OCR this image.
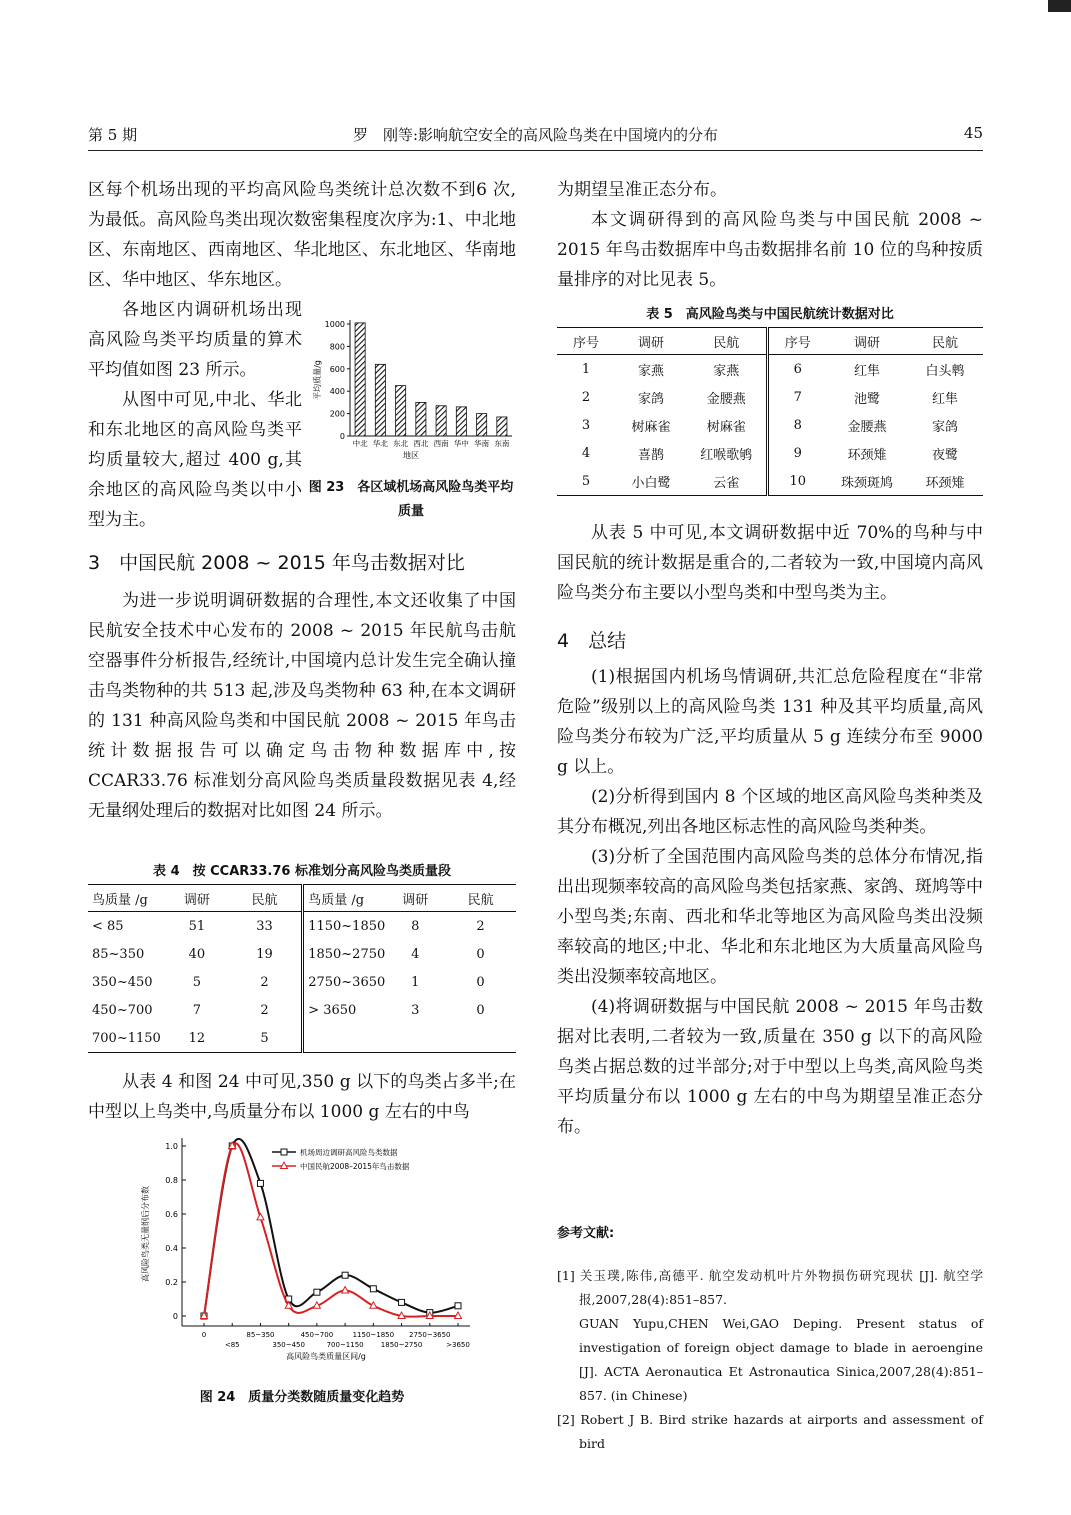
第 5 期	罗　刚等:影响航空安全的高风险鸟类在中国境内的分布	45

区每个机场出现的平均高风险鸟类统计总次数不到6 次,为最低。高风险鸟类出现次数密集程度次序为:1、中北地区、东南地区、西南地区、华北地区、东北地区、华南地区、华中地区、华东地区。

各地区内调研机场出现高风险鸟类平均质量的算术平均值如图 23 所示。

从图中可见,中北、华北和东北地区的高风险鸟类平均质量较大,超过 400 g,其余地区的高风险鸟类以中小型为主。

0
200
400
600
800
1000
中北 华北 东北 西北 西南 华中 华南 东南
地区
平均质量/g
图 23　各区域机场高风险鸟类平均质量
3　中国民航 2008 ~ 2015 年鸟击数据对比

为进一步说明调研数据的合理性,本文还收集了中国民航安全技术中心发布的 2008 ~ 2015 年民航鸟击航空器事件分析报告,经统计,中国境内总计发生完全确认撞击鸟类物种的共 513 起,涉及鸟类物种 63 种,在本文调研的 131 种高风险鸟类和中国民航 2008 ~ 2015 年鸟击统计数据报告可以确定鸟击物种数据库中,按 CCAR33.76 标准划分高风险鸟类质量段数据见表 4,经无量纲处理后的数据对比如图 24 所示。

表 4　按 CCAR33.76 标准划分高风险鸟类质量段
鸟质量 /g	调研	民航	鸟质量 /g	调研	民航
< 85	51	33	1150~1850	8	2
85~350	40	19	1850~2750	4	0
350~450	5	2	2750~3650	1	0
450~700	7	2	> 3650	3	0
700~1150	12	5			

从表 4 和图 24 中可见,350 g 以下的鸟类占多半;在中型以上鸟类中,鸟质量分布以 1000 g 左右的中鸟

0
0.2
0.4
0.6
0.8
1.0
0	85~350	450~700	1150~1850 2750~3650
<85	350~450	700~1150 1850~2750	>3650
高风险鸟类质量区间/g
高风险鸟类无量纲后分布数
机场周边调研高风险鸟类数据
中国民航2008–2015年鸟击数据
图 24　质量分类数随质量变化趋势

为期望呈准正态分布。

本文调研得到的高风险鸟类与中国民航 2008 ~ 2015 年鸟击数据库中鸟击数据排名前 10 位的鸟种按质量排序的对比见表 5。

表 5　高风险鸟类与中国民航统计数据对比
序号	调研	民航	序号	调研	民航
1	家燕	家燕	6	红隼	白头鹎
2	家鸽	金腰燕	7	池鹭	红隼
3	树麻雀	树麻雀	8	金腰燕	家鸽
4	喜鹊	红喉歌鸲	9	环颈雉	夜鹭
5	小白鹭	云雀	10	珠颈斑鸠	环颈雉

从表 5 中可见,本文调研数据中近 70%的鸟种与中国民航的统计数据是重合的,二者较为一致,中国境内高风险鸟类分布主要以小型鸟类和中型鸟类为主。

4　总结

(1)根据国内机场鸟情调研,共汇总危险程度在“非常危险”级别以上的高风险鸟类 131 种及其平均质量,高风险鸟类分布较为广泛,平均质量从 5 g 连续分布至 9000 g 以上。

(2)分析得到国内 8 个区域的地区高风险鸟类种类及其分布概况,列出各地区标志性的高风险鸟类种类。

(3)分析了全国范围内高风险鸟类的总体分布情况,指出出现频率较高的高风险鸟类包括家燕、家鸽、斑鸠等中小型鸟类;东南、西北和华北等地区为高风险鸟类出没频率较高的地区;中北、华北和东北地区为大质量高风险鸟类出没频率较高地区。

(4)将调研数据与中国民航 2008 ~ 2015 年鸟击数据对比表明,二者较为一致,质量在 350 g 以下的高风险鸟类占据总数的过半部分;对于中型以上鸟类,高风险鸟类平均质量分布以 1000 g 左右的中鸟为期望呈准正态分布。

参考文献:

[1] 关玉璞,陈伟,高德平. 航空发动机叶片外物损伤研究现状 [J]. 航空学报,2007,28(4):851–857.

GUAN Yupu,CHEN Wei,GAO Deping. Present status of investigation of foreign object damage to blade in aeroengine [J]. ACTA Aeronautica Et Astronautica Sinica,2007,28(4):851–857. (in Chinese)

[2] Robert J B. Bird strike hazards at airports and assessment of bird
